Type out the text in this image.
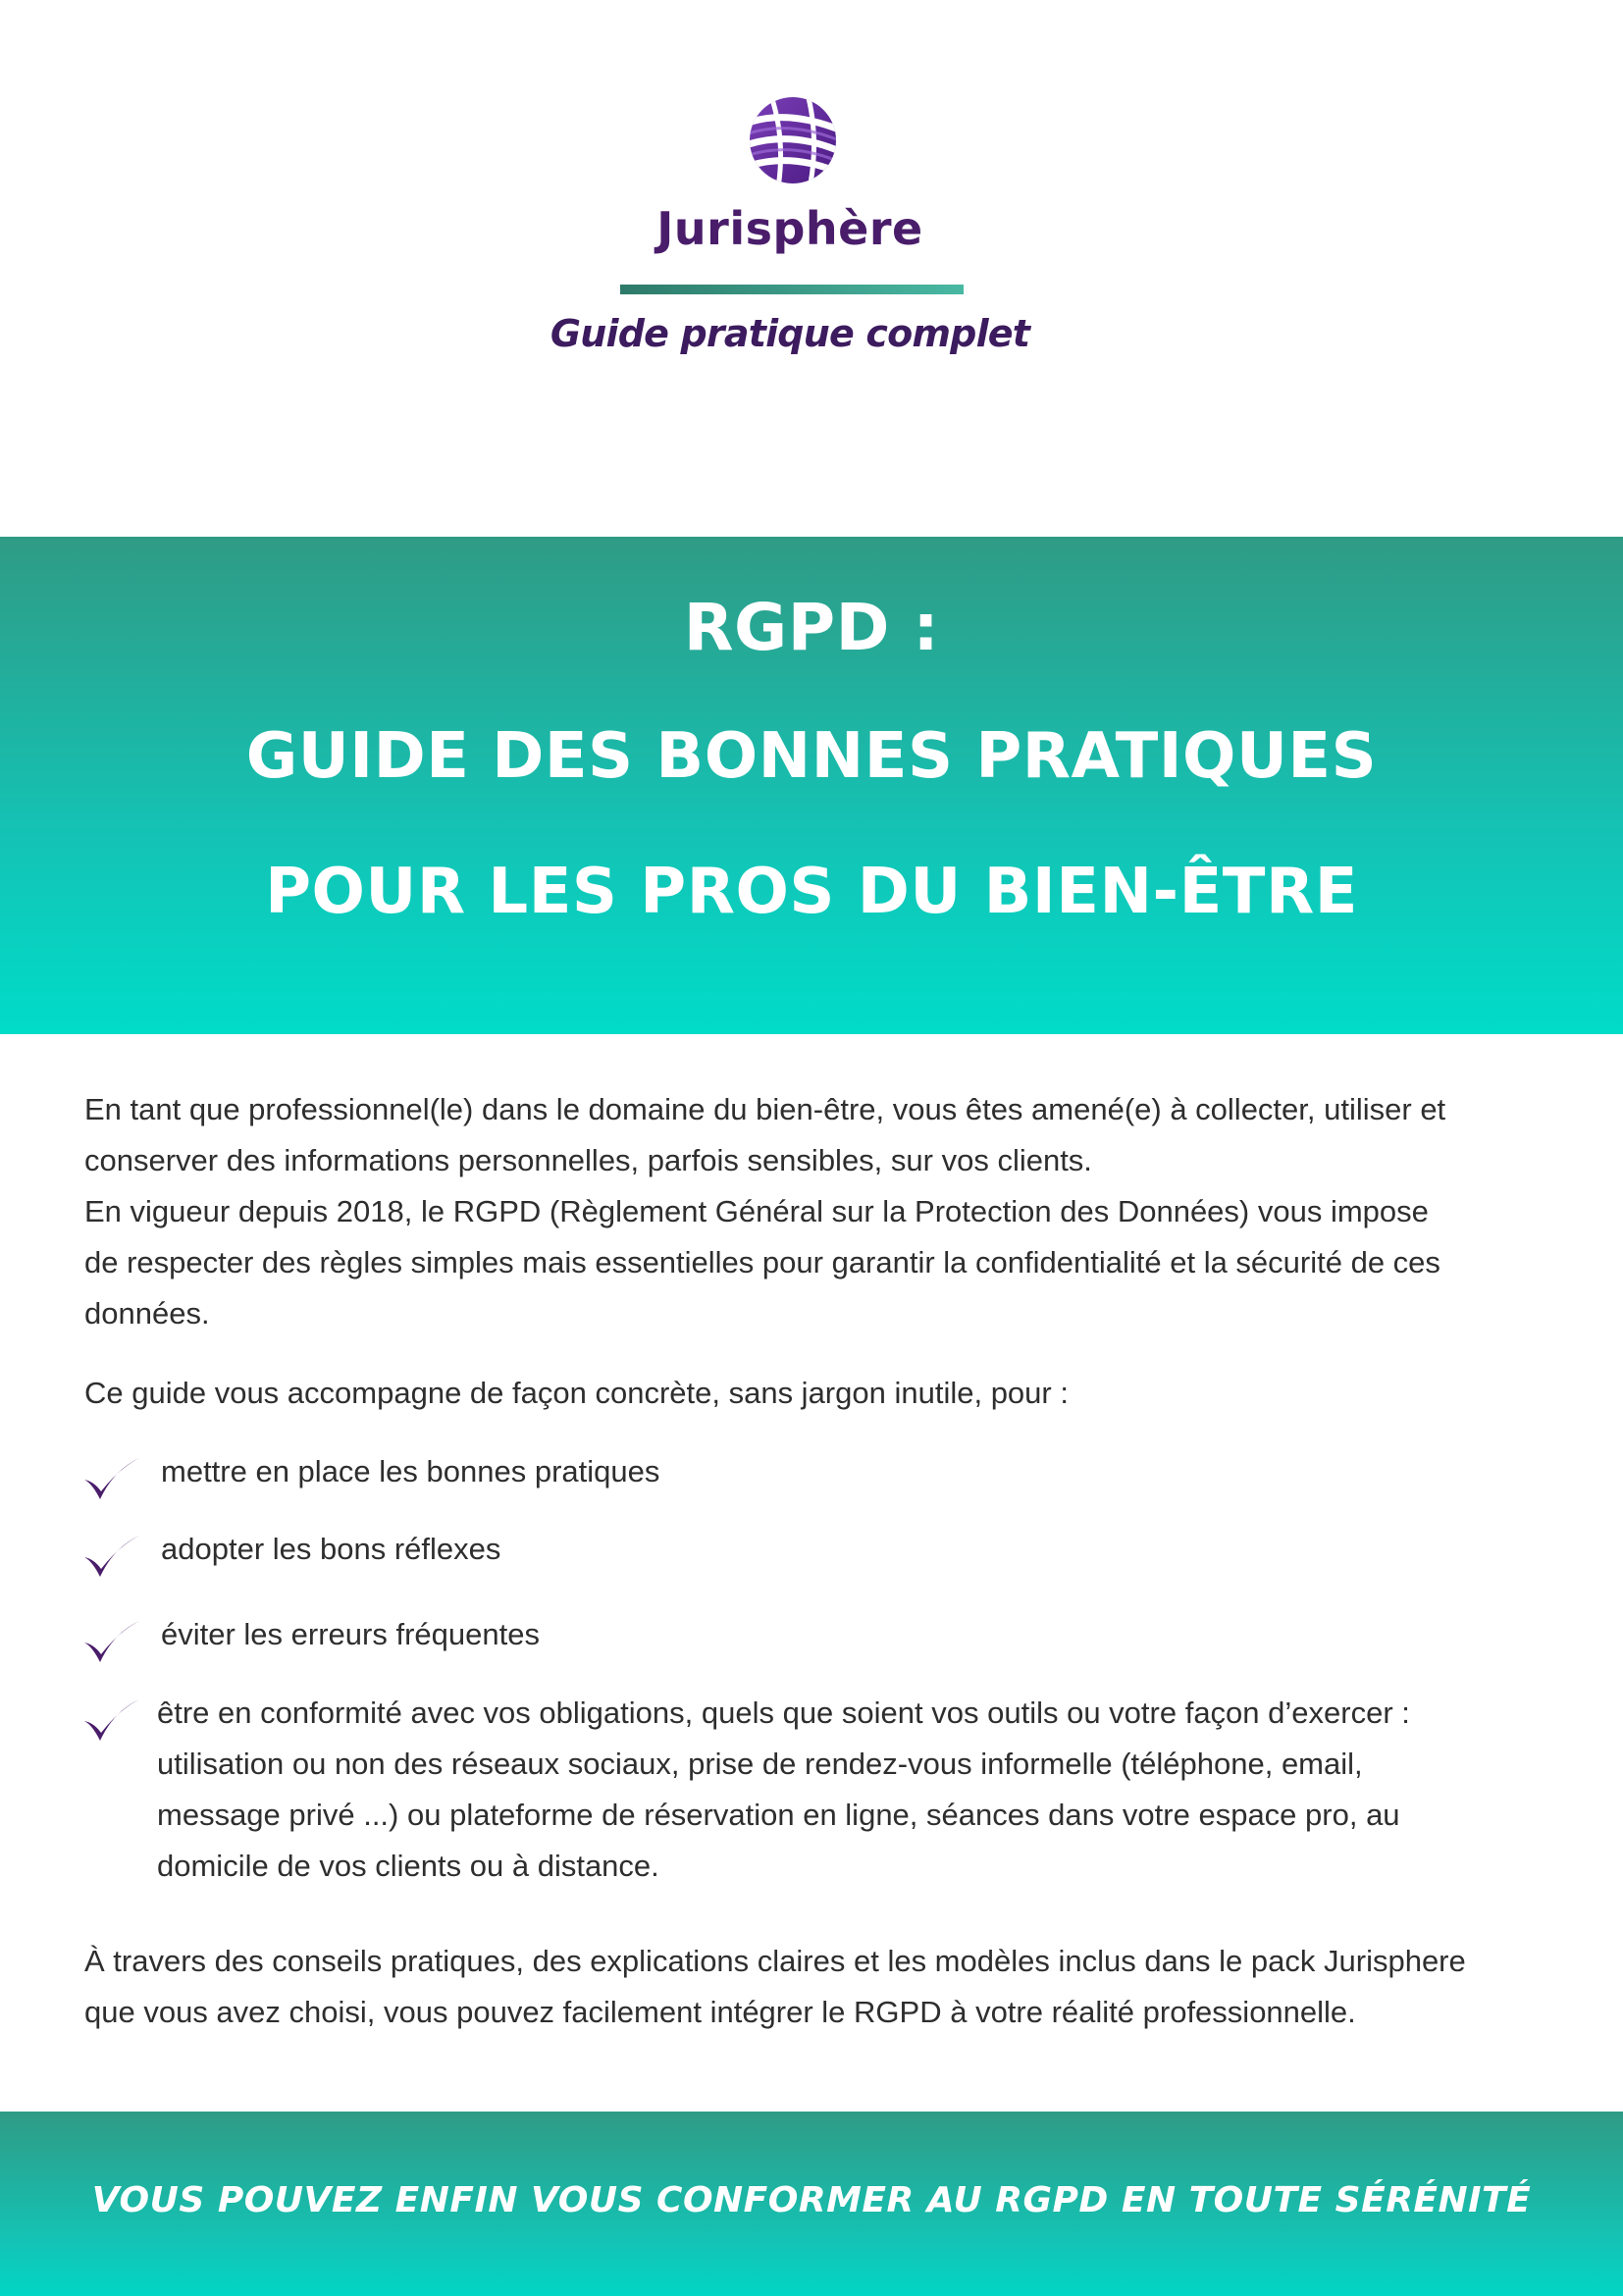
Jurisphère
Guide pratique complet
RGPD :
GUIDE DES BONNES PRATIQUES
POUR LES PROS DU BIEN-ÊTRE
En tant que professionnel(le) dans le domaine du bien-être, vous êtes amené(e) à collecter, utiliser et
conserver des informations personnelles, parfois sensibles, sur vos clients.
En vigueur depuis 2018, le RGPD (Règlement Général sur la Protection des Données) vous impose
de respecter des règles simples mais essentielles pour garantir la confidentialité et la sécurité de ces
données.
Ce guide vous accompagne de façon concrète, sans jargon inutile, pour :
mettre en place les bonnes pratiques
adopter les bons réflexes
éviter les erreurs fréquentes
être en conformité avec vos obligations, quels que soient vos outils ou votre façon d’exercer :
utilisation ou non des réseaux sociaux, prise de rendez-vous informelle (téléphone, email,
message privé ...) ou plateforme de réservation en ligne, séances dans votre espace pro, au
domicile de vos clients ou à distance.
À travers des conseils pratiques, des explications claires et les modèles inclus dans le pack Jurisphere
que vous avez choisi, vous pouvez facilement intégrer le RGPD à votre réalité professionnelle.
VOUS POUVEZ ENFIN VOUS CONFORMER AU RGPD EN TOUTE SÉRÉNITÉ
